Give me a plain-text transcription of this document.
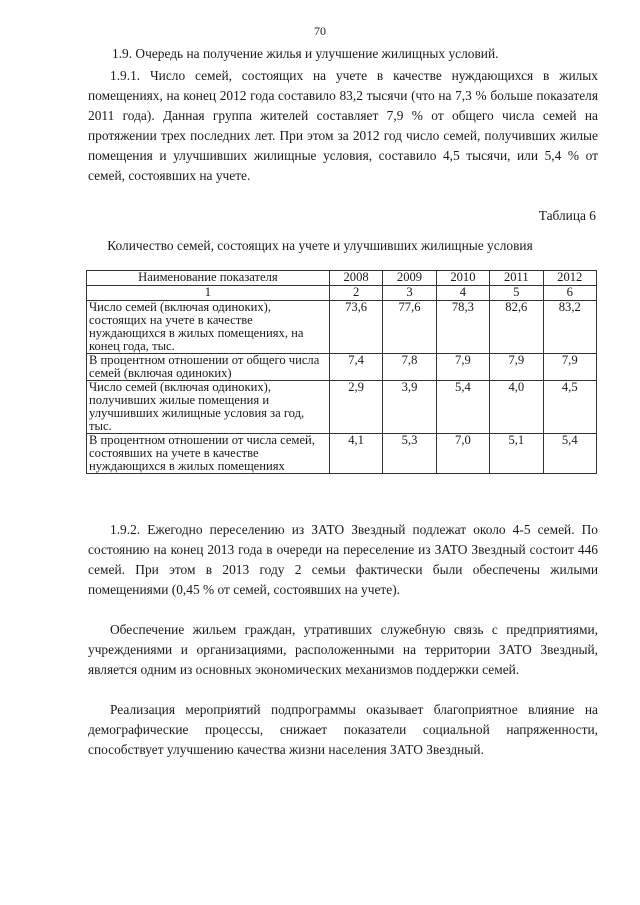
70
1.9. Очередь на получение жилья и улучшение жилищных условий.

1.9.1. Число семей, состоящих на учете в качестве нуждающихся в жилых помещениях, на конец 2012 года составило 83,2 тысячи (что на 7,3 % больше показателя 2011 года). Данная группа жителей составляет 7,9 % от общего числа семей на протяжении трех последних лет. При этом за 2012 год число семей, получивших жилые помещения и улучшивших жилищные условия, составило 4,5 тысячи, или 5,4 % от семей, состоявших на учете.

Таблица 6
Количество семей, состоящих на учете и улучшивших жилищные условия
Наименование показателя	2008	2009	2010	2011	2012
1	2	3	4	5	6
Число семей (включая одиноких), состоящих на учете в качестве нуждающихся в жилых помещениях, на конец года, тыс.	73,6	77,6	78,3	82,6	83,2
В процентном отношении от общего числа семей (включая одиноких)	7,4	7,8	7,9	7,9	7,9
Число семей (включая одиноких), получивших жилые помещения и улучшивших жилищные условия за год, тыс.	2,9	3,9	5,4	4,0	4,5
В процентном отношении от числа семей, состоявших на учете в качестве нуждающихся в жилых помещениях	4,1	5,3	7,0	5,1	5,4

1.9.2. Ежегодно переселению из ЗАТО Звездный подлежат около 4-5 семей. По состоянию на конец 2013 года в очереди на переселение из ЗАТО Звездный состоит 446 семей. При этом в 2013 году 2 семьи фактически были обеспечены жилыми помещениями (0,45 % от семей, состоявших на учете).

Обеспечение жильем граждан, утративших служебную связь с предприятиями, учреждениями и организациями, расположенными на территории ЗАТО Звездный, является одним из основных экономических механизмов поддержки семей.

Реализация мероприятий подпрограммы оказывает благоприятное влияние на демографические процессы, снижает показатели социальной напряженности, способствует улучшению качества жизни населения ЗАТО Звездный.
